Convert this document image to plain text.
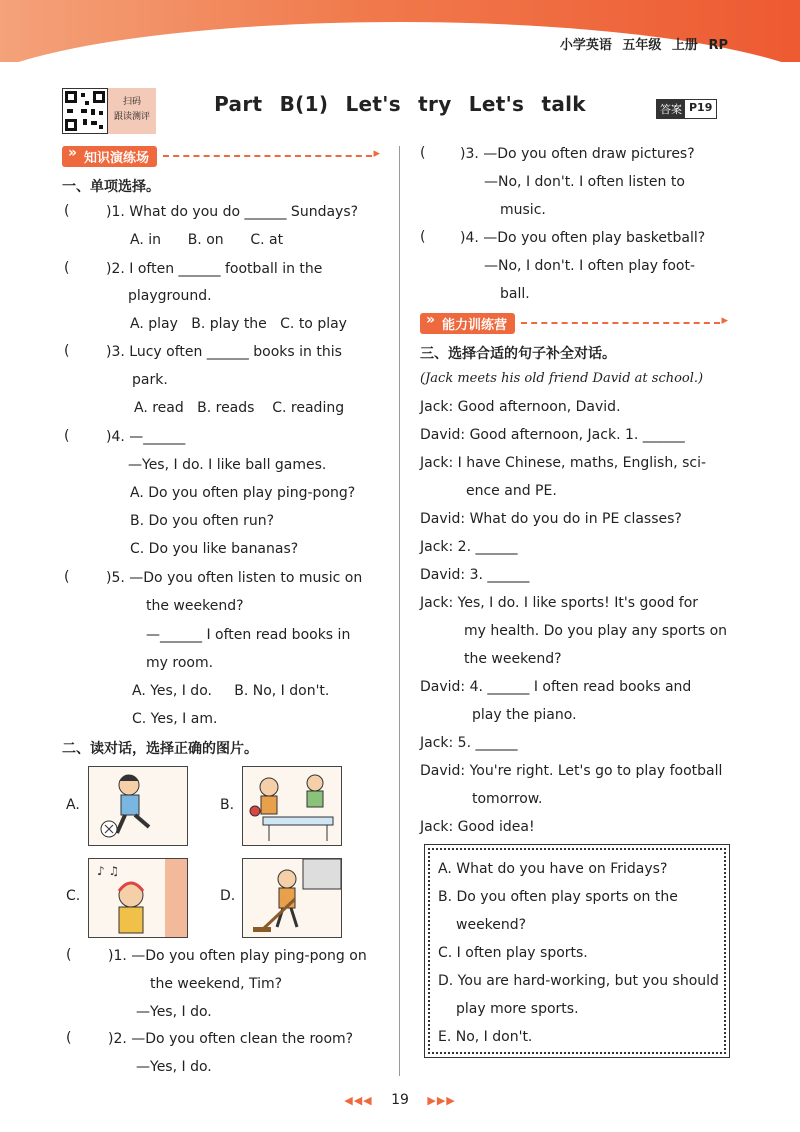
小学英语 五年级 上册 RP
扫码
跟读测评
Part B(1) Let's try Let's talk	答案 P19
» 知识演练场
▸
一、单项选择。
(	)1. What do you do ______ Sundays?
A. in      B. on      C. at
(	)2. I often ______ football in the
playground.
A. play   B. play the   C. to play
(	)3. Lucy often ______ books in this
park.
A. read   B. reads    C. reading
(	)4. —______
—Yes, I do. I like ball games.
A. Do you often play ping-pong?
B. Do you often run?
C. Do you like bananas?
(	)5. —Do you often listen to music on
the weekend?
—______ I often read books in
my room.
A. Yes, I do.     B. No, I don't.
C. Yes, I am.
二、读对话，选择正确的图片。
A.	B.
C.
♪ ♫
D.
(	)1. —Do you often play ping-pong on
the weekend, Tim?
—Yes, I do.
(	)2. —Do you often clean the room?
—Yes, I do.
( )3. —Do you often draw pictures?
—No, I don't. I often listen to
music.
( )4. —Do you often play basketball?
—No, I don't. I often play foot-
ball.
» 能力训练营
▸
三、选择合适的句子补全对话。
(Jack meets his old friend David at school.)
Jack: Good afternoon, David.
David: Good afternoon, Jack. 1. ______
Jack: I have Chinese, maths, English, sci-
ence and PE.
David: What do you do in PE classes?
Jack: 2. ______
David: 3. ______
Jack: Yes, I do. I like sports! It's good for
my health. Do you play any sports on
the weekend?
David: 4. ______ I often read books and
play the piano.
Jack: 5. ______
David: You're right. Let's go to play football
tomorrow.
Jack: Good idea!
A. What do you have on Fridays?
B. Do you often play sports on the
weekend?
C. I often play sports.
D. You are hard-working, but you should
play more sports.
E. No, I don't.
◀◀◀ 19 ▶▶▶
